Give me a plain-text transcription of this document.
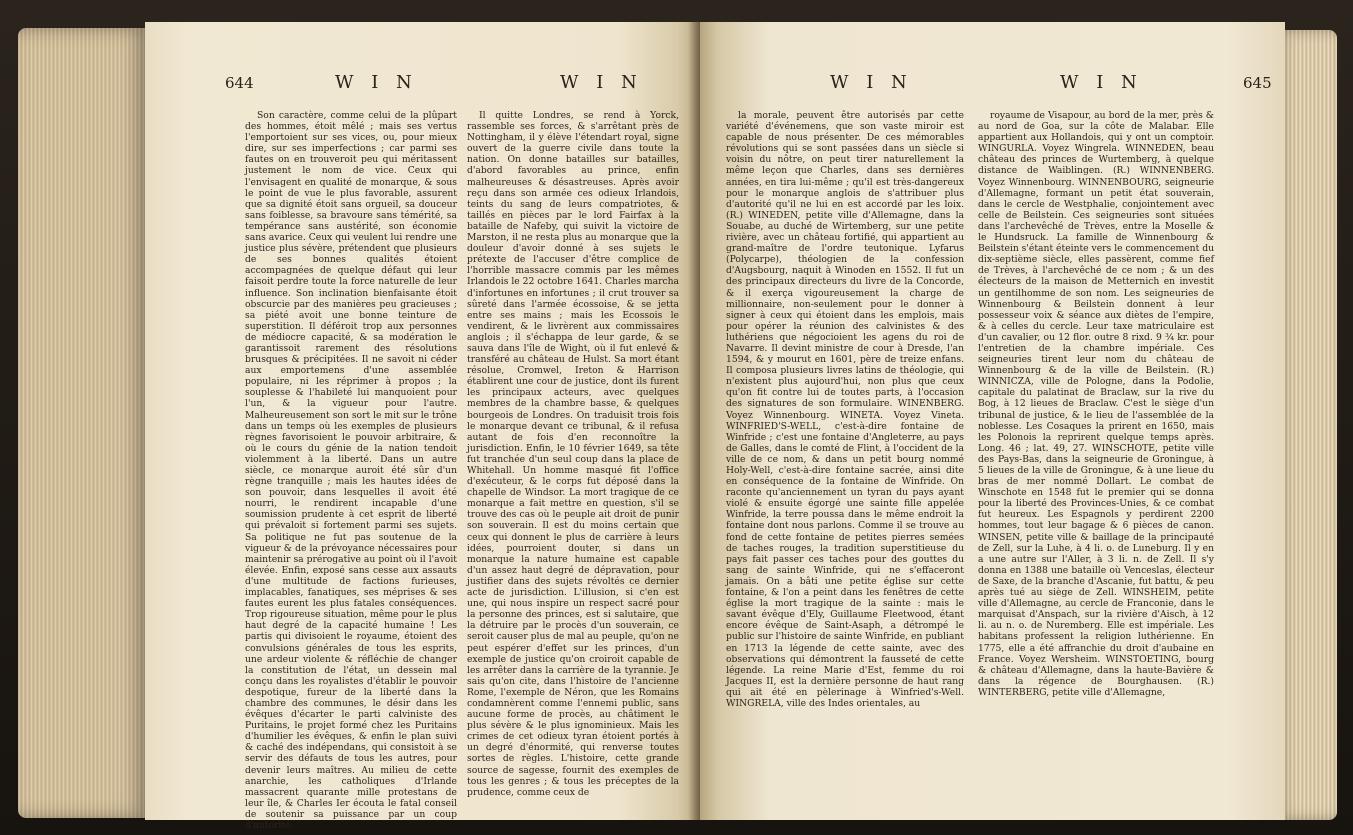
644	W I N	W I N

Son caractère, comme celui de la plûpart des hommes, étoit mêlé ; mais ses vertus l'emportoient sur ses vices, ou, pour mieux dire, sur ses imperfections ; car parmi ses fautes on en trouveroit peu qui méritassent justement le nom de vice. Ceux qui l'envisagent en qualité de monarque, & sous le point de vue le plus favorable, assurent que sa dignité étoit sans orgueil, sa douceur sans foiblesse, sa bravoure sans témérité, sa tempérance sans austérité, son économie sans avarice. Ceux qui veulent lui rendre une justice plus sévère, prétendent que plusieurs de ses bonnes qualités étoient accompagnées de quelque défaut qui leur faisoit perdre toute la force naturelle de leur influence. Son inclination bienfaisante étoit obscurcie par des manières peu gracieuses ; sa piété avoit une bonne teinture de superstition. Il déféroit trop aux personnes de médiocre capacité, & sa modération le garantissoit rarement des résolutions brusques & précipitées. Il ne savoit ni céder aux emportemens d'une assemblée populaire, ni les réprimer à propos ; la souplesse & l'habileté lui manquoient pour l'un, & la vigueur pour l'autre. Malheureusement son sort le mit sur le trône dans un temps où les exemples de plusieurs règnes favorisoient le pouvoir arbitraire, & où le cours du génie de la nation tendoit violemment à la liberté. Dans un autre siècle, ce monarque auroit été sûr d'un règne tranquille ; mais les hautes idées de son pouvoir, dans lesquelles il avoit été nourri, le rendirent incapable d'une soumission prudente à cet esprit de liberté qui prévaloit si fortement parmi ses sujets. Sa politique ne fut pas soutenue de la vigueur & de la prévoyance nécessaires pour maintenir sa prérogative au point où il l'avoit élevée. Enfin, exposé sans cesse aux assauts d'une multitude de factions furieuses, implacables, fanatiques, ses méprises & ses fautes eurent les plus fatales conséquences. Trop rigoureuse situation, même pour le plus haut degré de la capacité humaine ! Les partis qui divisoient le royaume, étoient des convulsions générales de tous les esprits, une ardeur violente & réfléchie de changer la constitution de l'état, un dessein mal conçu dans les royalistes d'établir le pouvoir despotique, fureur de la liberté dans la chambre des communes, le désir dans les évêques d'écarter le parti calviniste des Puritains, le projet formé chez les Puritains d'humilier les évêques, & enfin le plan suivi & caché des indépendans, qui consistoit à se servir des défauts de tous les autres, pour devenir leurs maîtres. Au milieu de cette anarchie, les catholiques d'Irlande massacrent quarante mille protestans de leur île, & Charles Ier écouta le fatal conseil de soutenir sa puissance par un coup d'autorité.

Il quitte Londres, se rend à Yorck, rassemble ses forces, & s'arrêtant près de Nottingham, il y élève l'étendart royal, signe ouvert de la guerre civile dans toute la nation. On donne batailles sur batailles, d'abord favorables au prince, enfin malheureuses & désastreuses. Après avoir reçu dans son armée ces odieux Irlandois, teints du sang de leurs compatriotes, & taillés en pièces par le lord Fairfax à la bataille de Nafeby, qui suivit la victoire de Marston, il ne resta plus au monarque que la douleur d'avoir donné à ses sujets le prétexte de l'accuser d'être complice de l'horrible massacre commis par les mêmes Irlandois le 22 octobre 1641. Charles marcha d'infortunes en infortunes ; il crut trouver sa sûreté dans l'armée écossoise, & se jetta entre ses mains ; mais les Ecossois le vendirent, & le livrèrent aux commissaires anglois ; il s'échappa de leur garde, & se sauva dans l'île de Wight, où il fut enlevé & transféré au château de Hulst. Sa mort étant résolue, Cromwel, Ireton & Harrison établirent une cour de justice, dont ils furent les principaux acteurs, avec quelques membres de la chambre basse, & quelques bourgeois de Londres. On traduisit trois fois le monarque devant ce tribunal, & il refusa autant de fois d'en reconnoître la jurisdiction. Enfin, le 10 février 1649, sa tête fut tranchée d'un seul coup dans la place de Whitehall. Un homme masqué fit l'office d'exécuteur, & le corps fut déposé dans la chapelle de Windsor. La mort tragique de ce monarque a fait mettre en question, s'il se trouve des cas où le peuple ait droit de punir son souverain. Il est du moins certain que ceux qui donnent le plus de carrière à leurs idées, pourroient douter, si dans un monarque la nature humaine est capable d'un assez haut degré de dépravation, pour justifier dans des sujets révoltés ce dernier acte de jurisdiction. L'illusion, si c'en est une, qui nous inspire un respect sacré pour la personne des princes, est si salutaire, que la détruire par le procès d'un souverain, ce seroit causer plus de mal au peuple, qu'on ne peut espérer d'effet sur les princes, d'un exemple de justice qu'on croiroit capable de les arrêter dans la carrière de la tyrannie. Je sais qu'on cite, dans l'histoire de l'ancienne Rome, l'exemple de Néron, que les Romains condamnèrent comme l'ennemi public, sans aucune forme de procès, au châtiment le plus sévère & le plus ignominieux. Mais les crimes de cet odieux tyran étoient portés à un degré d'énormité, qui renverse toutes sortes de règles. L'histoire, cette grande source de sagesse, fournit des exemples de tous les genres ; & tous les préceptes de la prudence, comme ceux de

W I N	W I N	645

la morale, peuvent être autorisés par cette variété d'événemens, que son vaste miroir est capable de nous présenter. De ces mémorables révolutions qui se sont passées dans un siècle si voisin du nôtre, on peut tirer naturellement la même leçon que Charles, dans ses dernières années, en tira lui-même ; qu'il est très-dangereux pour le monarque anglois de s'attribuer plus d'autorité qu'il ne lui en est accordé par les loix. (R.) WINEDEN, petite ville d'Allemagne, dans la Souabe, au duché de Wirtemberg, sur une petite rivière, avec un château fortifié, qui appartient au grand-maître de l'ordre teutonique. Lyfarus (Polycarpe), théologien de la confession d'Augsbourg, naquit à Winoden en 1552. Il fut un des principaux directeurs du livre de la Concorde, & il exerça vigoureusement la charge de millionnaire, non-seulement pour le donner à signer à ceux qui étoient dans les emplois, mais pour opérer la réunion des calvinistes & des luthériens que négocioient les agens du roi de Navarre. Il devint ministre de cour à Dresde, l'an 1594, & y mourut en 1601, père de treize enfans. Il composa plusieurs livres latins de théologie, qui n'existent plus aujourd'hui, non plus que ceux qu'on fit contre lui de toutes parts, à l'occasion des signatures de son formulaire. WINENBERG. Voyez Winnenbourg. WINETA. Voyez Vineta. WINFRIED'S-WELL, c'est-à-dire fontaine de Winfride ; c'est une fontaine d'Angleterre, au pays de Galles, dans le comté de Flint, à l'occident de la ville de ce nom, & dans un petit bourg nommé Holy-Well, c'est-à-dire fontaine sacrée, ainsi dite en conséquence de la fontaine de Winfride. On raconte qu'anciennement un tyran du pays ayant violé & ensuite égorgé une sainte fille appelée Winfride, la terre poussa dans le même endroit la fontaine dont nous parlons. Comme il se trouve au fond de cette fontaine de petites pierres semées de taches rouges, la tradition superstitieuse du pays fait passer ces taches pour des gouttes du sang de sainte Winfride, qui ne s'effaceront jamais. On a bâti une petite église sur cette fontaine, & l'on a peint dans les fenêtres de cette église la mort tragique de la sainte : mais le savant évêque d'Ely, Guillaume Fleetwood, étant encore évêque de Saint-Asaph, a détrompé le public sur l'histoire de sainte Winfride, en publiant en 1713 la légende de cette sainte, avec des observations qui démontrent la fausseté de cette légende. La reine Marie d'Est, femme du roi Jacques II, est la dernière personne de haut rang qui ait été en pèlerinage à Winfried's-Well. WINGRELA, ville des Indes orientales, au

royaume de Visapour, au bord de la mer, près & au nord de Goa, sur la côte de Malabar. Elle appartient aux Hollandois, qui y ont un comptoir. WINGURLA. Voyez Wingrela. WINNEDEN, beau château des princes de Wurtemberg, à quelque distance de Waiblingen. (R.) WINNENBERG. Voyez Winnenbourg. WINNENBOURG, seigneurie d'Allemagne, formant un petit état souverain, dans le cercle de Westphalie, conjointement avec celle de Beilstein. Ces seigneuries sont situées dans l'archevêché de Trèves, entre la Moselle & le Hundsruck. La famille de Winnenbourg & Beilstein s'étant éteinte vers le commencement du dix-septième siècle, elles passèrent, comme fief de Trèves, à l'archevêché de ce nom ; & un des électeurs de la maison de Metternich en investit un gentilhomme de son nom. Les seigneuries de Winnenbourg & Beilstein donnent à leur possesseur voix & séance aux diètes de l'empire, & à celles du cercle. Leur taxe matriculaire est d'un cavalier, ou 12 flor. outre 8 rixd. 9 ¾ kr. pour l'entretien de la chambre impériale. Ces seigneuries tirent leur nom du château de Winnenbourg & de la ville de Beilstein. (R.) WINNICZA, ville de Pologne, dans la Podolie, capitale du palatinat de Braclaw, sur la rive du Bog, à 12 lieues de Braclaw. C'est le siège d'un tribunal de justice, & le lieu de l'assemblée de la noblesse. Les Cosaques la prirent en 1650, mais les Polonois la reprirent quelque temps après. Long. 46 ; lat. 49, 27. WINSCHOTE, petite ville des Pays-Bas, dans la seigneurie de Groningue, à 5 lieues de la ville de Groningue, & à une lieue du bras de mer nommé Dollart. Le combat de Winschote en 1548 fut le premier qui se donna pour la liberté des Provinces-Unies, & ce combat fut heureux. Les Espagnols y perdirent 2200 hommes, tout leur bagage & 6 pièces de canon. WINSEN, petite ville & baillage de la principauté de Zell, sur la Luhe, à 4 li. o. de Luneburg. Il y en a une autre sur l'Aller, à 3 li. n. de Zell. Il s'y donna en 1388 une bataille où Venceslas, électeur de Saxe, de la branche d'Ascanie, fut battu, & peu après tué au siège de Zell. WINSHEIM, petite ville d'Allemagne, au cercle de Franconie, dans le marquisat d'Anspach, sur la rivière d'Aisch, à 12 li. au n. o. de Nuremberg. Elle est impériale. Les habitans professent la religion luthérienne. En 1775, elle a été affranchie du droit d'aubaine en France. Voyez Wersheim. WINSTOETING, bourg & château d'Allemagne, dans la haute-Bavière & dans la régence de Bourghausen. (R.) WINTERBERG, petite ville d'Allemagne,
